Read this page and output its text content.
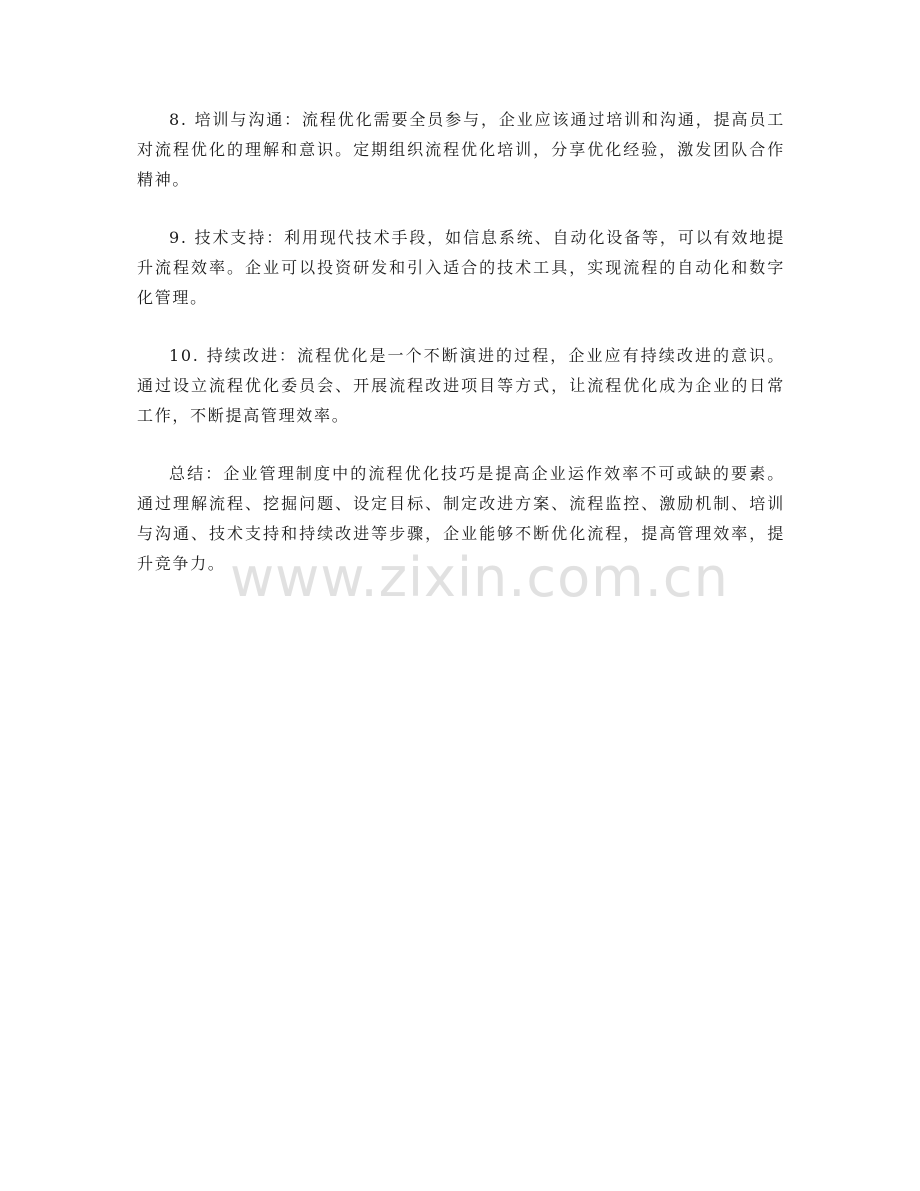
8. 培训与沟通：流程优化需要全员参与，企业应该通过培训和沟通，提高员工对流程优化的理解和意识。定期组织流程优化培训，分享优化经验，激发团队合作精神。

9. 技术支持：利用现代技术手段，如信息系统、自动化设备等，可以有效地提升流程效率。企业可以投资研发和引入适合的技术工具，实现流程的自动化和数字化管理。

10. 持续改进：流程优化是一个不断演进的过程，企业应有持续改进的意识。通过设立流程优化委员会、开展流程改进项目等方式，让流程优化成为企业的日常工作，不断提高管理效率。

总结：企业管理制度中的流程优化技巧是提高企业运作效率不可或缺的要素。通过理解流程、挖掘问题、设定目标、制定改进方案、流程监控、激励机制、培训与沟通、技术支持和持续改进等步骤，企业能够不断优化流程，提高管理效率，提升竞争力。 www.zixin.com.cn
